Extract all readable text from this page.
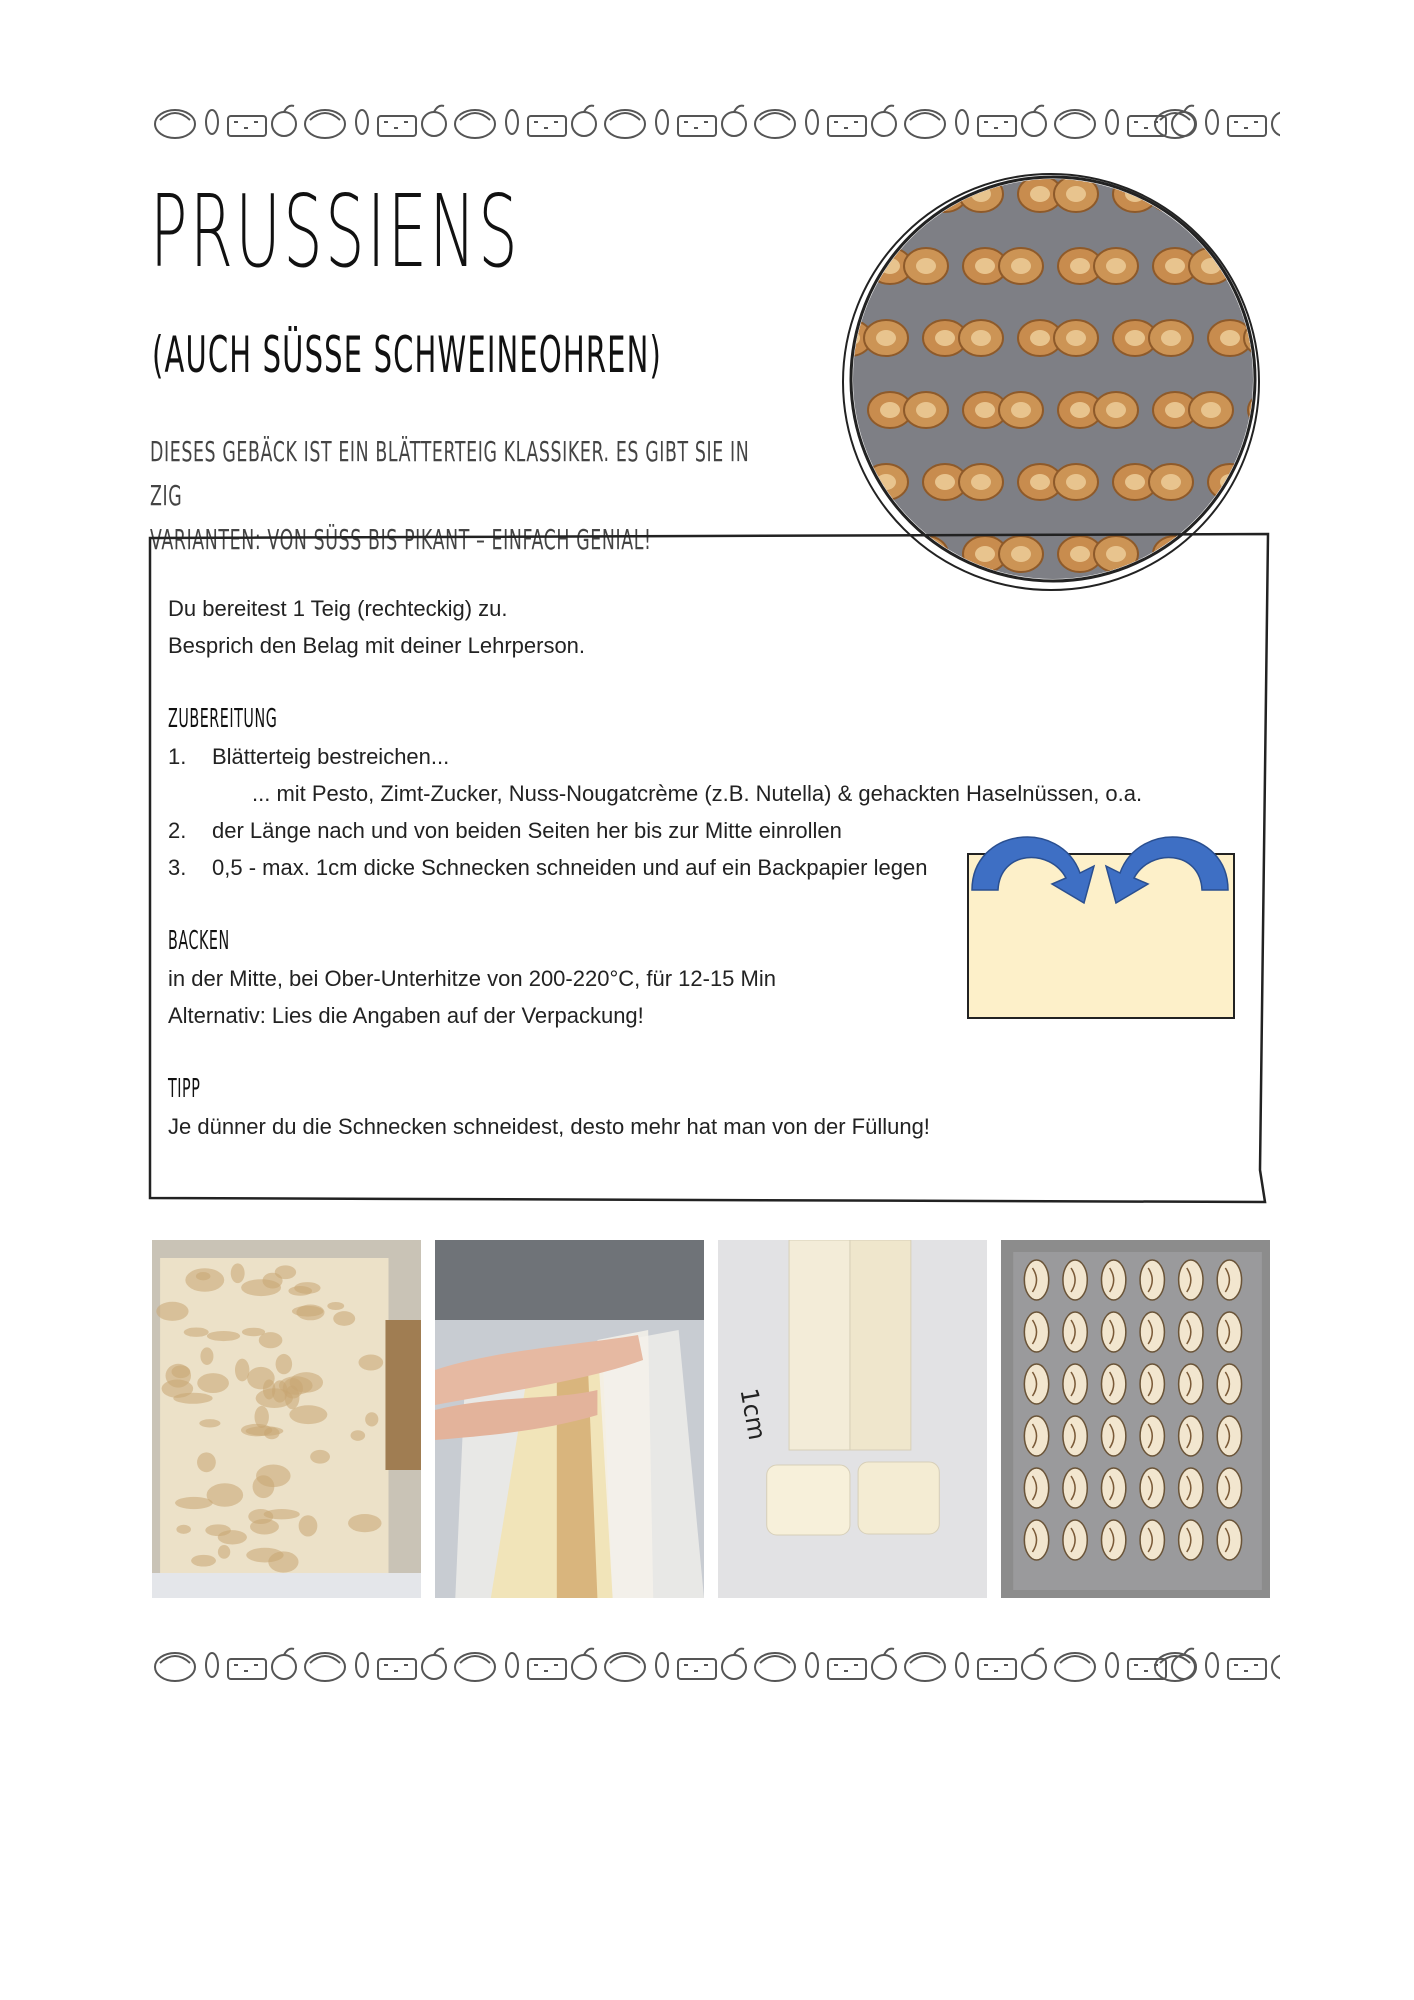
PRUSSIENS
(AUCH SÜSSE SCHWEINEOHREN)
DIESES GEBÄCK IST EIN BLÄTTERTEIG KLASSIKER. ES GIBT SIE IN ZIG
VARIANTEN: VON SÜSS BIS PIKANT – EINFACH GENIAL!

Du bereitest 1 Teig (rechteckig) zu.

Besprich den Belag mit deiner Lehrperson.

ZUBEREITUNG
1.	Blätterteig bestreichen...

... mit Pesto, Zimt-Zucker, Nuss-Nougatcrème (z.B. Nutella) & gehackten Haselnüssen, o.a.

2.	der Länge nach und von beiden Seiten her bis zur Mitte einrollen
3.	0,5 - max. 1cm dicke Schnecken schneiden und auf ein Backpapier legen
BACKEN

in der Mitte, bei Ober-Unterhitze von 200-220°C, für 12-15 Min

Alternativ: Lies die Angaben auf der Verpackung!

TIPP

Je dünner du die Schnecken schneidest, desto mehr hat man von der Füllung!

1cm
